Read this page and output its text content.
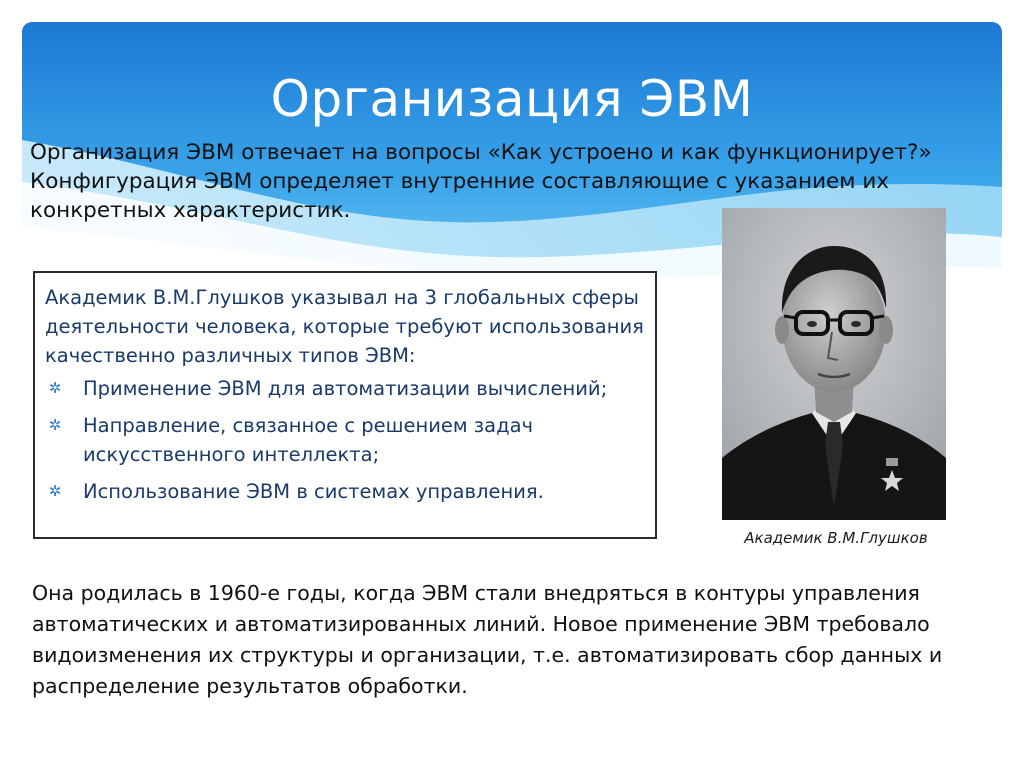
Организация ЭВМ

Организация ЭВМ отвечает на вопросы «Как устроено и как функционирует?»

Конфигурация ЭВМ определяет внутренние составляющие с указанием их конкретных характеристик.

Академик В.М.Глушков указывал на 3 глобальных сферы деятельности человека, которые требуют использования качественно различных типов ЭВМ:

✲ Применение ЭВМ для автоматизации вычислений;
✲ Направление, связанное с решением задач искусственного интеллекта;
✲ Использование ЭВМ в системах управления.
Академик В.М.Глушков

Она родилась в 1960-е годы, когда ЭВМ стали внедряться в контуры управления автоматических и автоматизированных линий. Новое применение ЭВМ требовало видоизменения их структуры и организации, т.е. автоматизировать сбор данных и распределение результатов обработки.
